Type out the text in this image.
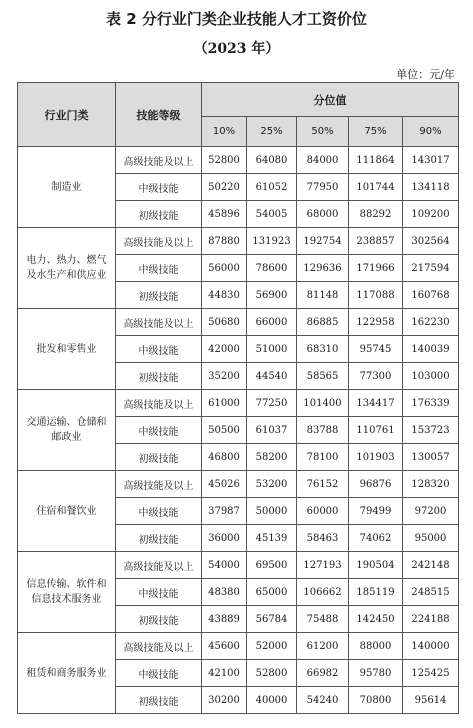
表 2 分行业门类企业技能人才工资价位
（2023 年）
单位：元/年
行业门类	技能等级	分位值				
		10%	25%	50%	75%	90%
制造业	高级技能及以上	52800	64080	84000	111864	143017
	中级技能	50220	61052	77950	101744	134118
	初级技能	45896	54005	68000	88292	109200
电力、热力、燃气及水生产和供应业	高级技能及以上	87880	131923	192754	238857	302564
	中级技能	56000	78600	129636	171966	217594
	初级技能	44830	56900	81148	117088	160768
批发和零售业	高级技能及以上	50680	66000	86885	122958	162230
	中级技能	42000	51000	68310	95745	140039
	初级技能	35200	44540	58565	77300	103000
交通运输、仓储和邮政业	高级技能及以上	61000	77250	101400	134417	176339
	中级技能	50500	61037	83788	110761	153723
	初级技能	46800	58200	78100	101903	130057
住宿和餐饮业	高级技能及以上	45026	53200	76152	96876	128320
	中级技能	37987	50000	60000	79499	97200
	初级技能	36000	45139	58463	74062	95000
信息传输、软件和信息技术服务业	高级技能及以上	54000	69500	127193	190504	242148
	中级技能	48380	65000	106662	185119	248515
	初级技能	43889	56784	75488	142450	224188
租赁和商务服务业	高级技能及以上	45600	52000	61200	88000	140000
	中级技能	42100	52800	66982	95780	125425
	初级技能	30200	40000	54240	70800	95614
